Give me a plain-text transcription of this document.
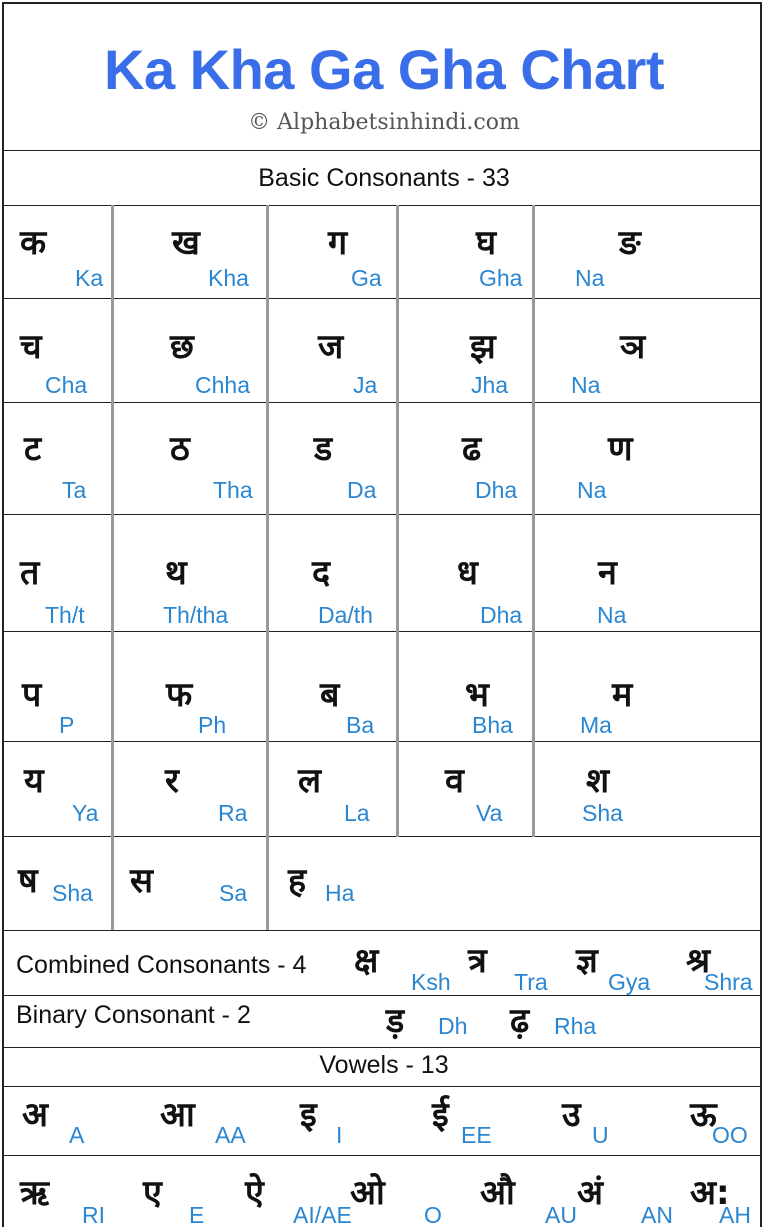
Ka Kha Ga Gha Chart
© Alphabetsinhindi.com
Basic Consonants - 33
Combined Consonants - 4
Binary Consonant - 2
Vowels - 13
क
Ka
ख
Kha
ग
Ga
घ
Gha
ङ
Na
च
Cha
छ
Chha
ज
Ja
झ
Jha
ञ
Na
ट
Ta
ठ
Tha
ड
Da
ढ
Dha
ण
Na
त
Th/t
थ
Th/tha
द
Da/th
ध
Dha
न
Na
प
P
फ
Ph
ब
Ba
भ
Bha
म
Ma
य
Ya
र
Ra
ल
La
व
Va
श
Sha
ष Sha स	Sa ह Ha
क्ष
Ksh
त्र
Tra
ज्ञ
Gya
श्र
Shra
ड़ Dh ढ़ Rha
अ A आ AA इ I	ई EE उ U ऊ
OO
ऋ
RI
ए
E
ऐ
AI/AE
ओ
O
औ
AU
अं
AN
अ:
AH
